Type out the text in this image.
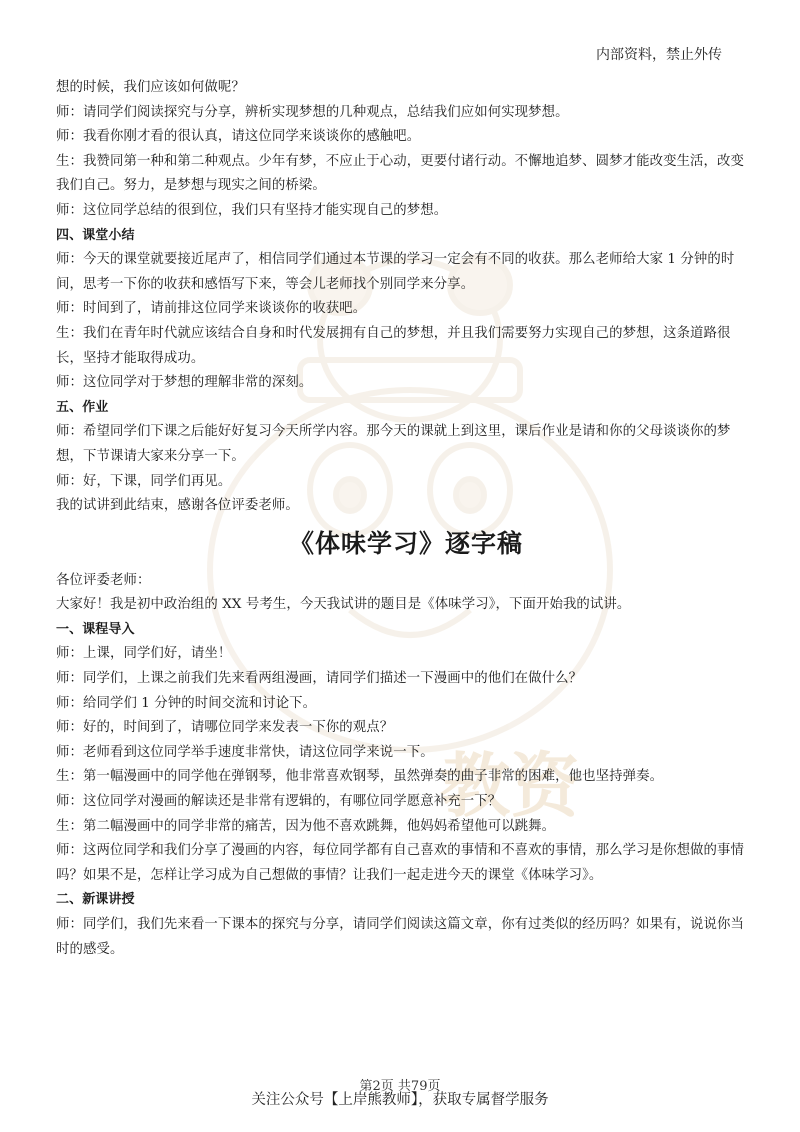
内部资料，禁止外传
教资

想的时候，我们应该如何做呢？

师：请同学们阅读探究与分享，辨析实现梦想的几种观点，总结我们应如何实现梦想。

师：我看你刚才看的很认真，请这位同学来谈谈你的感触吧。

生：我赞同第一种和第二种观点。少年有梦，不应止于心动，更要付诸行动。不懈地追梦、圆梦才能改变生活，改变我们自己。努力，是梦想与现实之间的桥梁。

师：这位同学总结的很到位，我们只有坚持才能实现自己的梦想。

四、课堂小结

师：今天的课堂就要接近尾声了，相信同学们通过本节课的学习一定会有不同的收获。那么老师给大家 1 分钟的时间，思考一下你的收获和感悟写下来，等会儿老师找个别同学来分享。

师：时间到了，请前排这位同学来谈谈你的收获吧。

生：我们在青年时代就应该结合自身和时代发展拥有自己的梦想，并且我们需要努力实现自己的梦想，这条道路很长，坚持才能取得成功。

师：这位同学对于梦想的理解非常的深刻。

五、作业

师：希望同学们下课之后能好好复习今天所学内容。那今天的课就上到这里，课后作业是请和你的父母谈谈你的梦想，下节课请大家来分享一下。

师：好，下课，同学们再见。

我的试讲到此结束，感谢各位评委老师。

《体味学习》逐字稿

各位评委老师：

大家好！我是初中政治组的 XX 号考生，今天我试讲的题目是《体味学习》，下面开始我的试讲。

一、课程导入

师：上课，同学们好，请坐！

师：同学们，上课之前我们先来看两组漫画，请同学们描述一下漫画中的他们在做什么？

师：给同学们 1 分钟的时间交流和讨论下。

师：好的，时间到了，请哪位同学来发表一下你的观点？

师：老师看到这位同学举手速度非常快，请这位同学来说一下。

生：第一幅漫画中的同学他在弹钢琴，他非常喜欢钢琴，虽然弹奏的曲子非常的困难，他也坚持弹奏。

师：这位同学对漫画的解读还是非常有逻辑的，有哪位同学愿意补充一下？

生：第二幅漫画中的同学非常的痛苦，因为他不喜欢跳舞，他妈妈希望他可以跳舞。

师：这两位同学和我们分享了漫画的内容，每位同学都有自己喜欢的事情和不喜欢的事情，那么学习是你想做的事情吗？如果不是，怎样让学习成为自己想做的事情？让我们一起走进今天的课堂《体味学习》。

二、新课讲授

师：同学们，我们先来看一下课本的探究与分享，请同学们阅读这篇文章，你有过类似的经历吗？如果有，说说你当时的感受。

第2页 共79页
关注公众号【上岸熊教师】，获取专属督学服务
